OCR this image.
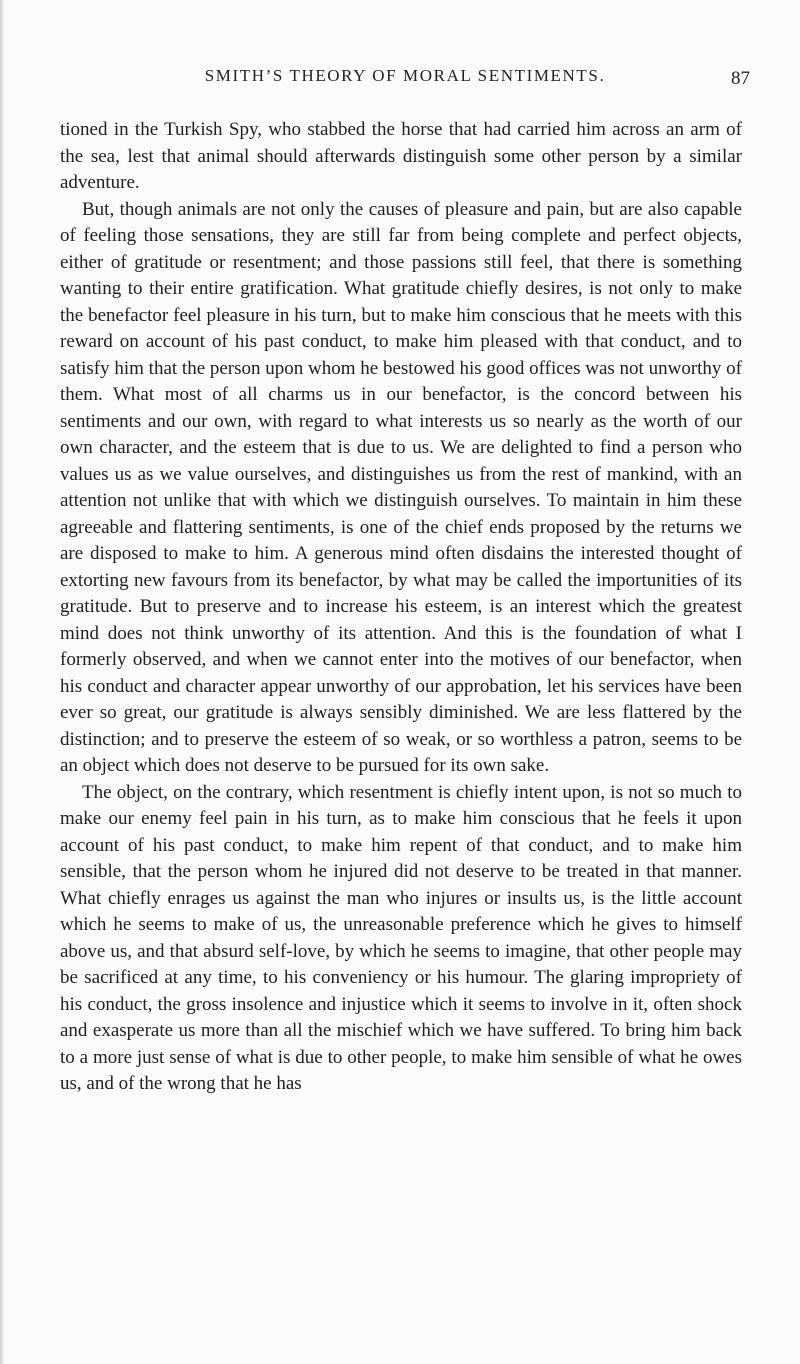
SMITH’S THEORY OF MORAL SENTIMENTS.	87

tioned in the Turkish Spy, who stabbed the horse that had carried him across an arm of the sea, lest that animal should afterwards distinguish some other person by a similar adventure.

But, though animals are not only the causes of pleasure and pain, but are also capable of feeling those sensations, they are still far from being complete and perfect objects, either of gratitude or resentment; and those passions still feel, that there is something wanting to their entire gratification. What gratitude chiefly desires, is not only to make the benefactor feel pleasure in his turn, but to make him conscious that he meets with this reward on account of his past conduct, to make him pleased with that conduct, and to satisfy him that the person upon whom he bestowed his good offices was not unworthy of them. What most of all charms us in our benefactor, is the concord between his sentiments and our own, with regard to what interests us so nearly as the worth of our own character, and the esteem that is due to us. We are delighted to find a person who values us as we value ourselves, and distinguishes us from the rest of mankind, with an attention not unlike that with which we distinguish ourselves. To maintain in him these agreeable and flattering sentiments, is one of the chief ends proposed by the returns we are disposed to make to him. A generous mind often disdains the interested thought of extorting new favours from its benefactor, by what may be called the importunities of its gratitude. But to preserve and to increase his esteem, is an interest which the greatest mind does not think unworthy of its attention. And this is the foundation of what I formerly observed, and when we cannot enter into the motives of our benefactor, when his conduct and character appear unworthy of our approbation, let his services have been ever so great, our gratitude is always sensibly diminished. We are less flattered by the distinction; and to preserve the esteem of so weak, or so worthless a patron, seems to be an object which does not deserve to be pursued for its own sake.

The object, on the contrary, which resentment is chiefly intent upon, is not so much to make our enemy feel pain in his turn, as to make him conscious that he feels it upon account of his past conduct, to make him repent of that conduct, and to make him sensible, that the person whom he injured did not deserve to be treated in that manner. What chiefly enrages us against the man who injures or insults us, is the little account which he seems to make of us, the unreasonable preference which he gives to himself above us, and that absurd self-love, by which he seems to imagine, that other people may be sacrificed at any time, to his conveniency or his humour. The glaring impropriety of his conduct, the gross insolence and injustice which it seems to involve in it, often shock and exasperate us more than all the mischief which we have suffered. To bring him back to a more just sense of what is due to other people, to make him sensible of what he owes us, and of the wrong that he has
